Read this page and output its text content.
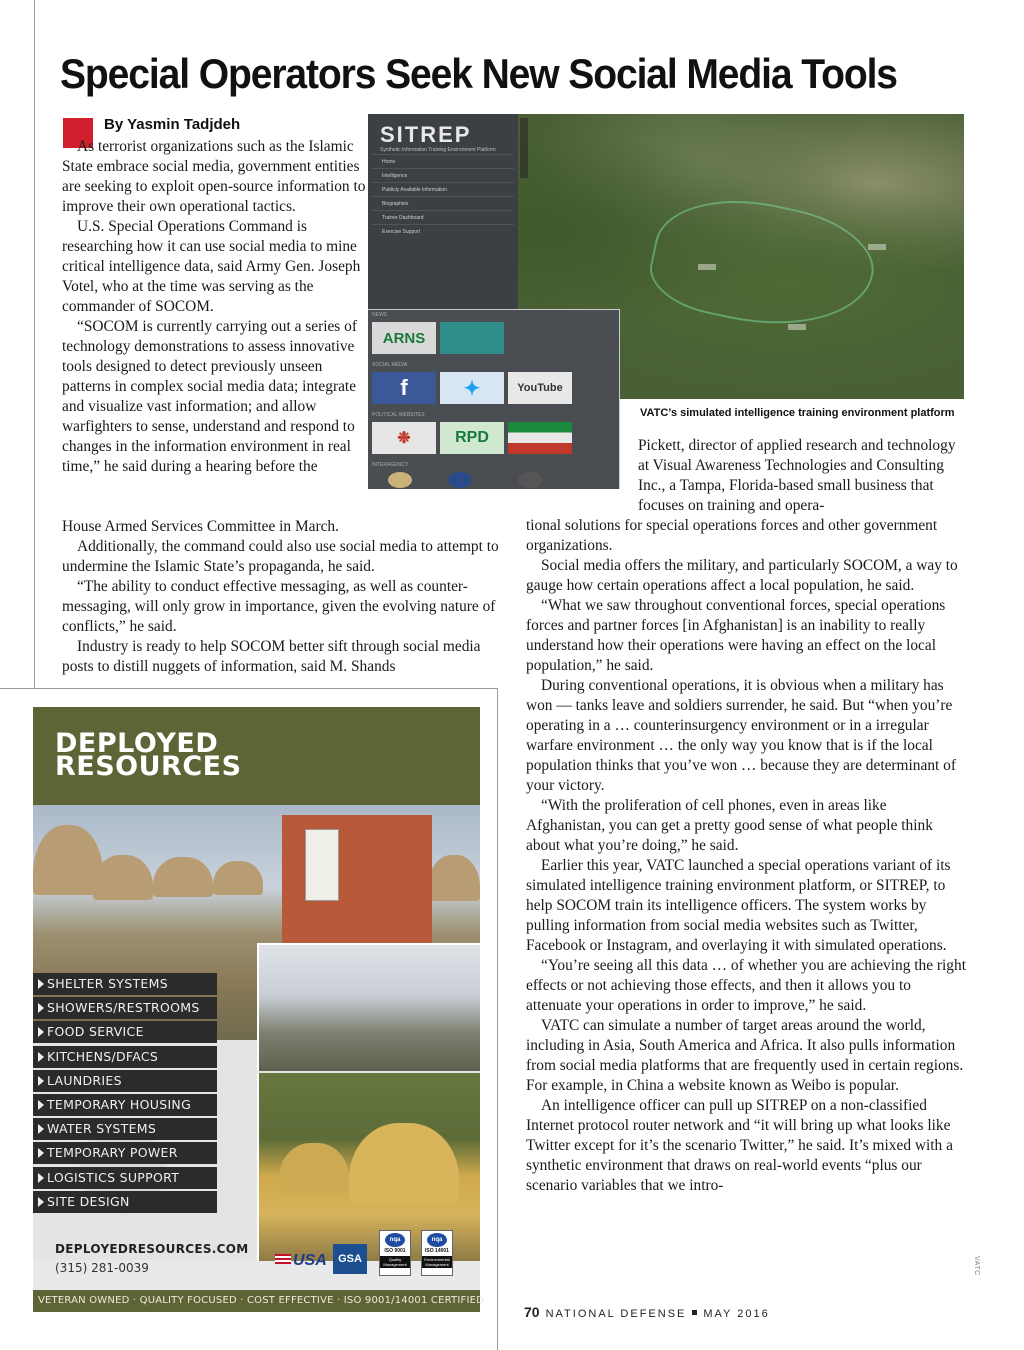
Special Operators Seek New Social Media Tools
By Yasmin Tadjdeh

As terrorist organizations such as the Islamic State embrace social media, government entities are seeking to exploit open-source information to improve their own operational tactics.

U.S. Special Operations Command is researching how it can use social media to mine critical intelligence data, said Army Gen. Joseph Votel, who at the time was serving as the commander of SOCOM.

“SOCOM is currently carrying out a series of technology demonstrations to assess innovative tools designed to detect previously unseen patterns in complex social media data; integrate and visualize vast information; and allow warfighters to sense, understand and respond to changes in the information environment in real time,” he said during a hearing before the

House Armed Services Committee in March.

Additionally, the command could also use social media to attempt to undermine the Islamic State’s propaganda, he said.

“The ability to conduct effective messaging, as well as counter-messaging, will only grow in importance, given the evolving nature of conflicts,” he said.

Industry is ready to help SOCOM better sift through social media posts to distill nuggets of information, said M. Shands

SITREP
Synthetic Information Training Environment Platform
Home
Intelligence
Publicly Available Information
Biographies
Trainer Dashboard
Exercise Support
NEWS
ARNS
SOCIAL MEDIA
f	✦	YouTube
POLITICAL WEBSITES
❉	RPD
INTERAGENCY
VATC’s simulated intelligence training environment platform

Pickett, director of applied research and technology at Visual Awareness Technologies and Consulting Inc., a Tampa, Florida-based small business that focuses on training and opera-

tional solutions for special operations forces and other government organizations.

Social media offers the military, and particularly SOCOM, a way to gauge how certain operations affect a local population, he said.

“What we saw throughout conventional forces, special operations forces and partner forces [in Afghanistan] is an inability to really understand how their operations were having an effect on the local population,” he said.

During conventional operations, it is obvious when a military has won — tanks leave and soldiers surrender, he said. But “when you’re operating in a … counterinsurgency environment or in a irregular warfare environment … the only way you know that is if the local population thinks that you’ve won … because they are determinant of your victory.

“With the proliferation of cell phones, even in areas like Afghanistan, you can get a pretty good sense of what people think about what you’re doing,” he said.

Earlier this year, VATC launched a special operations variant of its simulated intelligence training environment platform, or SITREP, to help SOCOM train its intelligence officers. The system works by pulling information from social media websites such as Twitter, Facebook or Instagram, and overlaying it with simulated operations.

“You’re seeing all this data … of whether you are achieving the right effects or not achieving those effects, and then it allows you to attenuate your operations in order to improve,” he said.

VATC can simulate a number of target areas around the world, including in Asia, South America and Africa. It also pulls information from social media platforms that are frequently used in certain regions. For example, in China a website known as Weibo is popular.

An intelligence officer can pull up SITREP on a non-classified Internet protocol router network and “it will bring up what looks like Twitter except for it’s the scenario Twitter,” he said. It’s mixed with a synthetic environment that draws on real-world events “plus our scenario variables that we intro-

DEPLOYED
RESOURCES
SHELTER SYSTEMS
SHOWERS/RESTROOMS
FOOD SERVICE
KITCHENS/DFACS
LAUNDRIES
TEMPORARY HOUSING
WATER SYSTEMS
TEMPORARY POWER
LOGISTICS SUPPORT
SITE DESIGN
DEPLOYEDRESOURCES.COM
(315) 281-0039	USA	GSA
nqa
ISO 9001
Quality Management
nqa
ISO 14001
Environmental Management
VETERAN OWNED · QUALITY FOCUSED · COST EFFECTIVE · ISO 9001/14001 CERTIFIED
70 NATIONAL DEFENSE MAY 2016
VATC
